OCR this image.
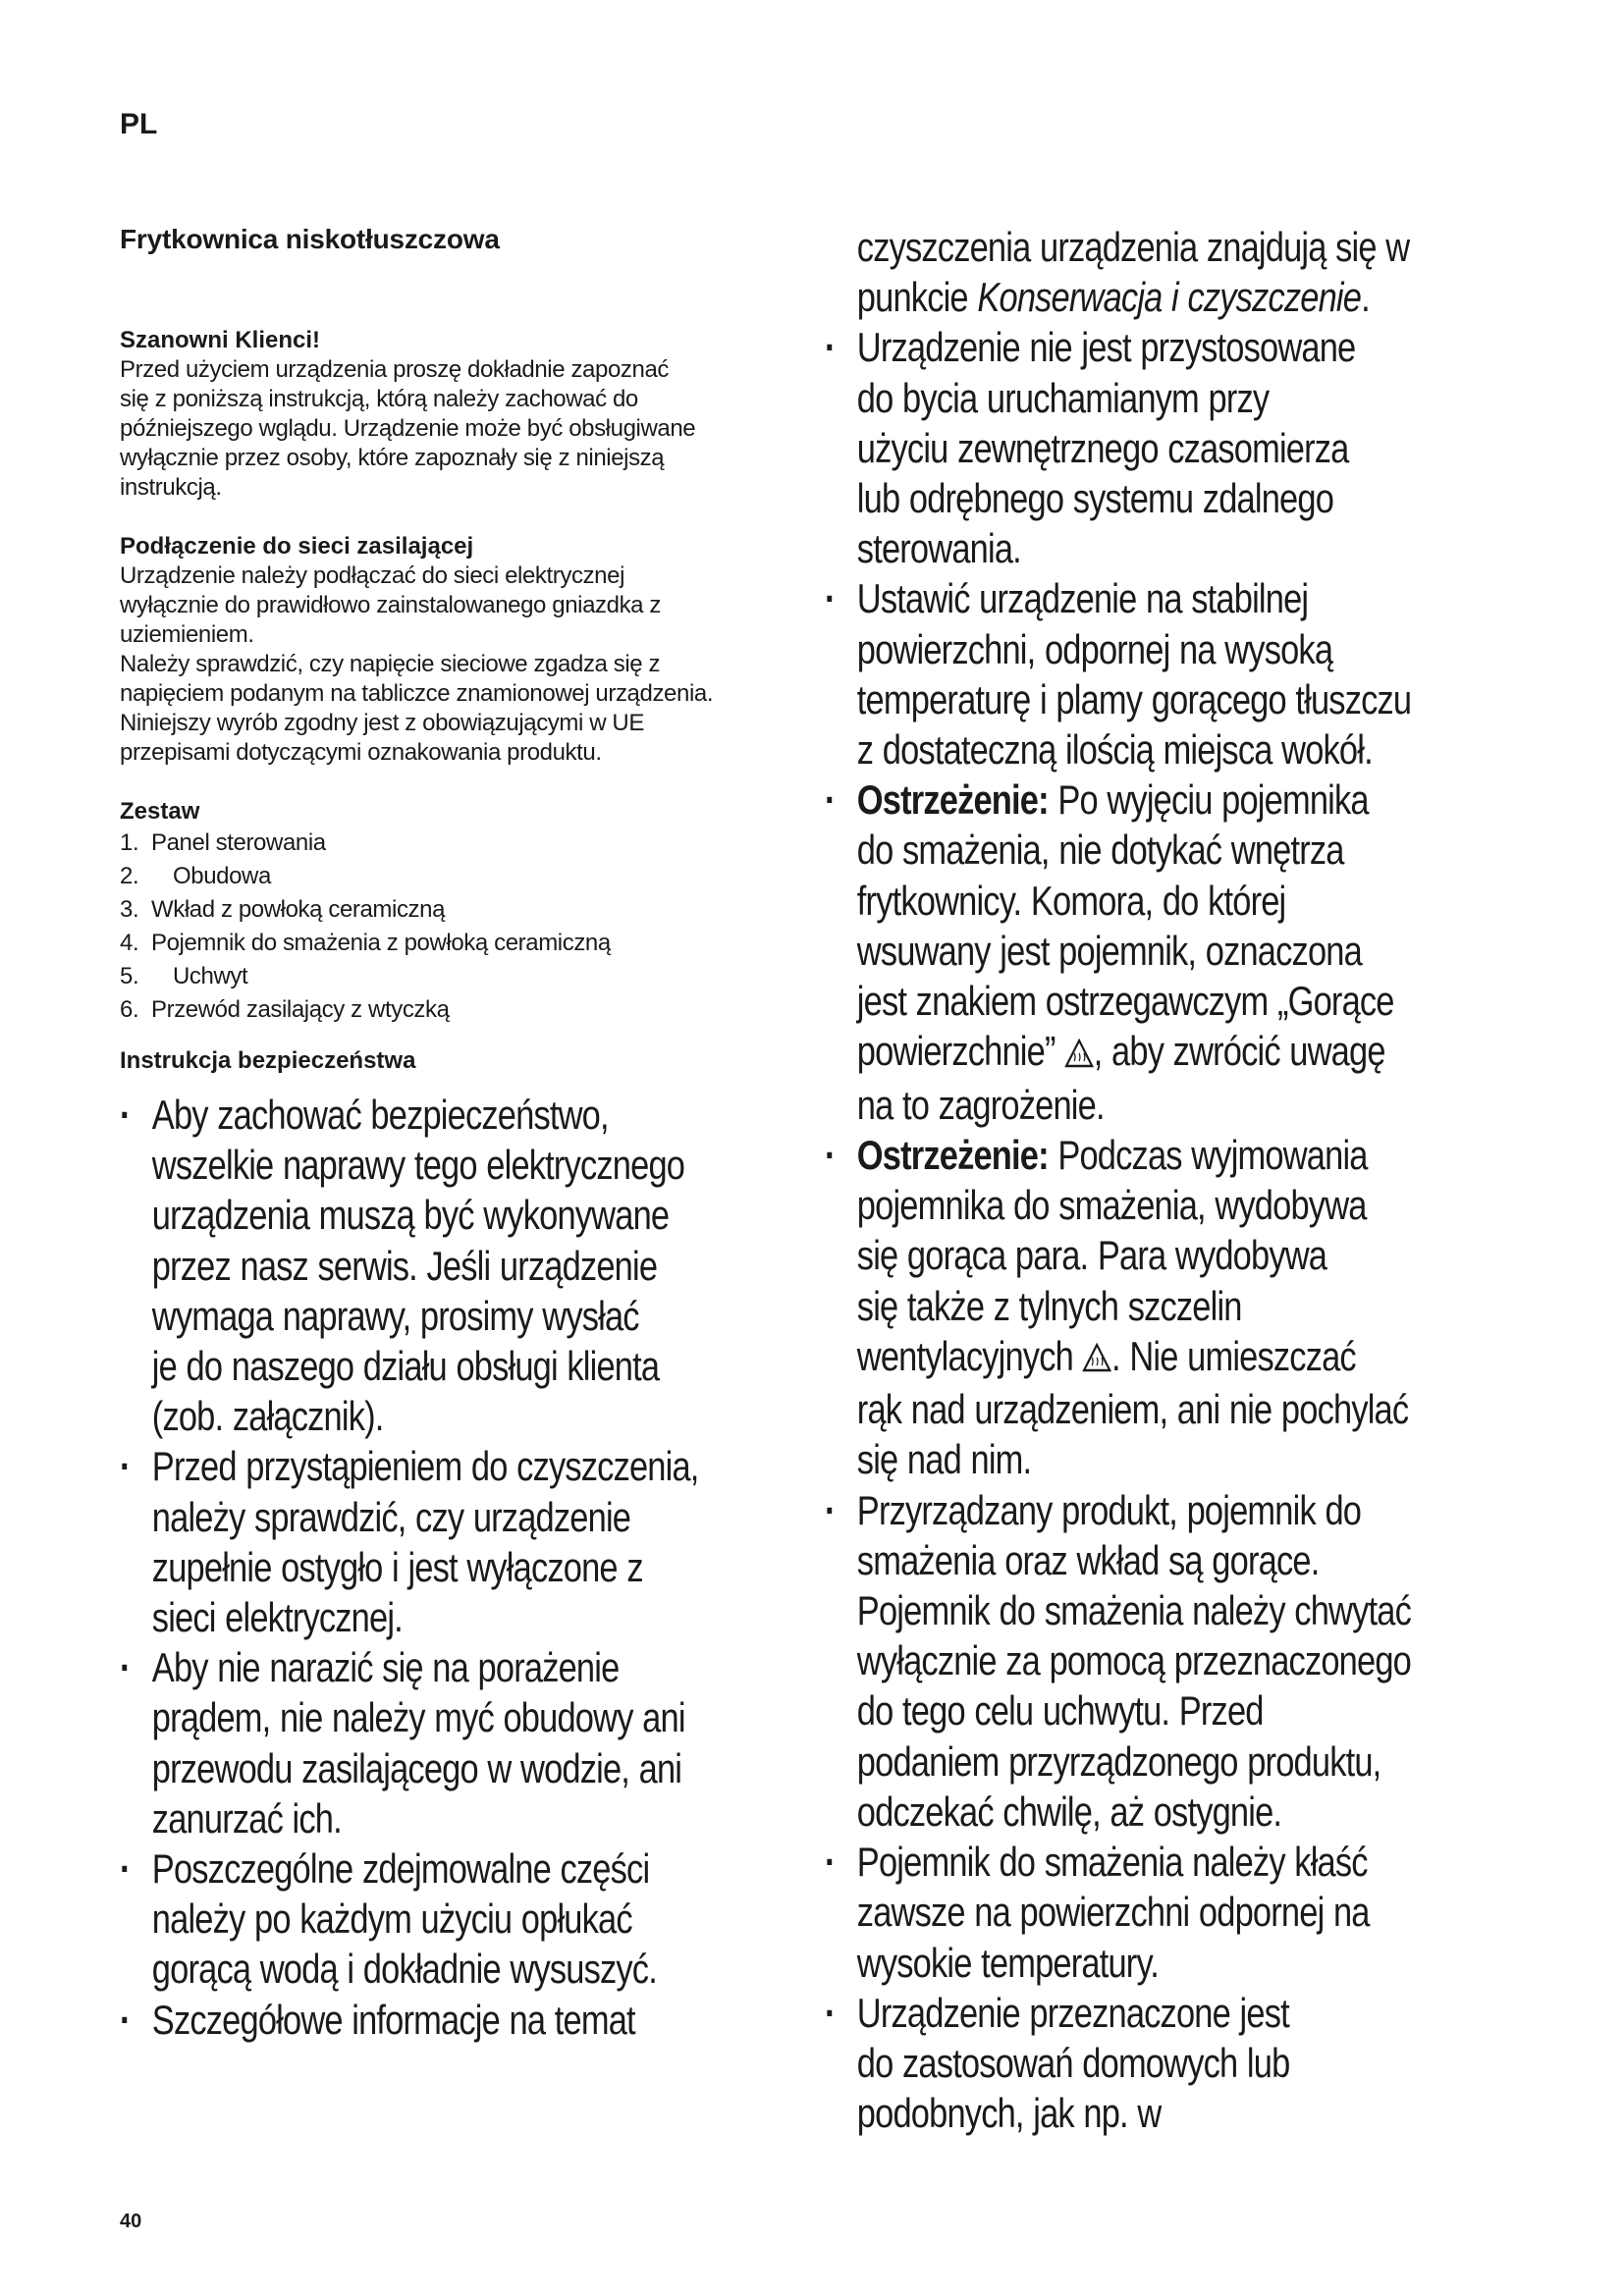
PL
Frytkownica niskotłuszczowa
Szanowni Klienci!
Przed użyciem urządzenia proszę dokładnie zapoznać
się z poniższą instrukcją, którą należy zachować do
późniejszego wglądu. Urządzenie może być obsługiwane
wyłącznie przez osoby, które zapoznały się z niniejszą
instrukcją.
Podłączenie do sieci zasilającej
Urządzenie należy podłączać do sieci elektrycznej
wyłącznie do prawidłowo zainstalowanego gniazdka z
uziemieniem.
Należy sprawdzić, czy napięcie sieciowe zgadza się z
napięciem podanym na tabliczce znamionowej urządzenia.
Niniejszy wyrób zgodny jest z obowiązującymi w UE
przepisami dotyczącymi oznakowania produktu.
Zestaw
1. Panel sterowania
2. Obudowa
3. Wkład z powłoką ceramiczną
4. Pojemnik do smażenia z powłoką ceramiczną
5. Uchwyt
6. Przewód zasilający z wtyczką
Instrukcja bezpieczeństwa
· Aby zachować bezpieczeństwo,
wszelkie naprawy tego elektrycznego
urządzenia muszą być wykonywane
przez nasz serwis. Jeśli urządzenie
wymaga naprawy, prosimy wysłać
je do naszego działu obsługi klienta
(zob. załącznik).
· Przed przystąpieniem do czyszczenia,
należy sprawdzić, czy urządzenie
zupełnie ostygło i jest wyłączone z
sieci elektrycznej.
· Aby nie narazić się na porażenie
prądem, nie należy myć obudowy ani
przewodu zasilającego w wodzie, ani
zanurzać ich.
· Poszczególne zdejmowalne części
należy po każdym użyciu opłukać
gorącą wodą i dokładnie wysuszyć.
· Szczegółowe informacje na temat
czyszczenia urządzenia znajdują się w
punkcie Konserwacja i czyszczenie.
· Urządzenie nie jest przystosowane
do bycia uruchamianym przy
użyciu zewnętrznego czasomierza
lub odrębnego systemu zdalnego
sterowania.
· Ustawić urządzenie na stabilnej
powierzchni, odpornej na wysoką
temperaturę i plamy gorącego tłuszczu
z dostateczną ilością miejsca wokół.
· Ostrzeżenie: Po wyjęciu pojemnika
do smażenia, nie dotykać wnętrza
frytkownicy. Komora, do której
wsuwany jest pojemnik, oznaczona
jest znakiem ostrzegawczym „Gorące
powierzchnie” , aby zwrócić uwagę
na to zagrożenie.
· Ostrzeżenie: Podczas wyjmowania
pojemnika do smażenia, wydobywa
się gorąca para. Para wydobywa
się także z tylnych szczelin
wentylacyjnych . Nie umieszczać
rąk nad urządzeniem, ani nie pochylać
się nad nim.
· Przyrządzany produkt, pojemnik do
smażenia oraz wkład są gorące.
Pojemnik do smażenia należy chwytać
wyłącznie za pomocą przeznaczonego
do tego celu uchwytu. Przed
podaniem przyrządzonego produktu,
odczekać chwilę, aż ostygnie.
· Pojemnik do smażenia należy kłaść
zawsze na powierzchni odpornej na
wysokie temperatury.
· Urządzenie przeznaczone jest
do zastosowań domowych lub
podobnych, jak np. w
40
